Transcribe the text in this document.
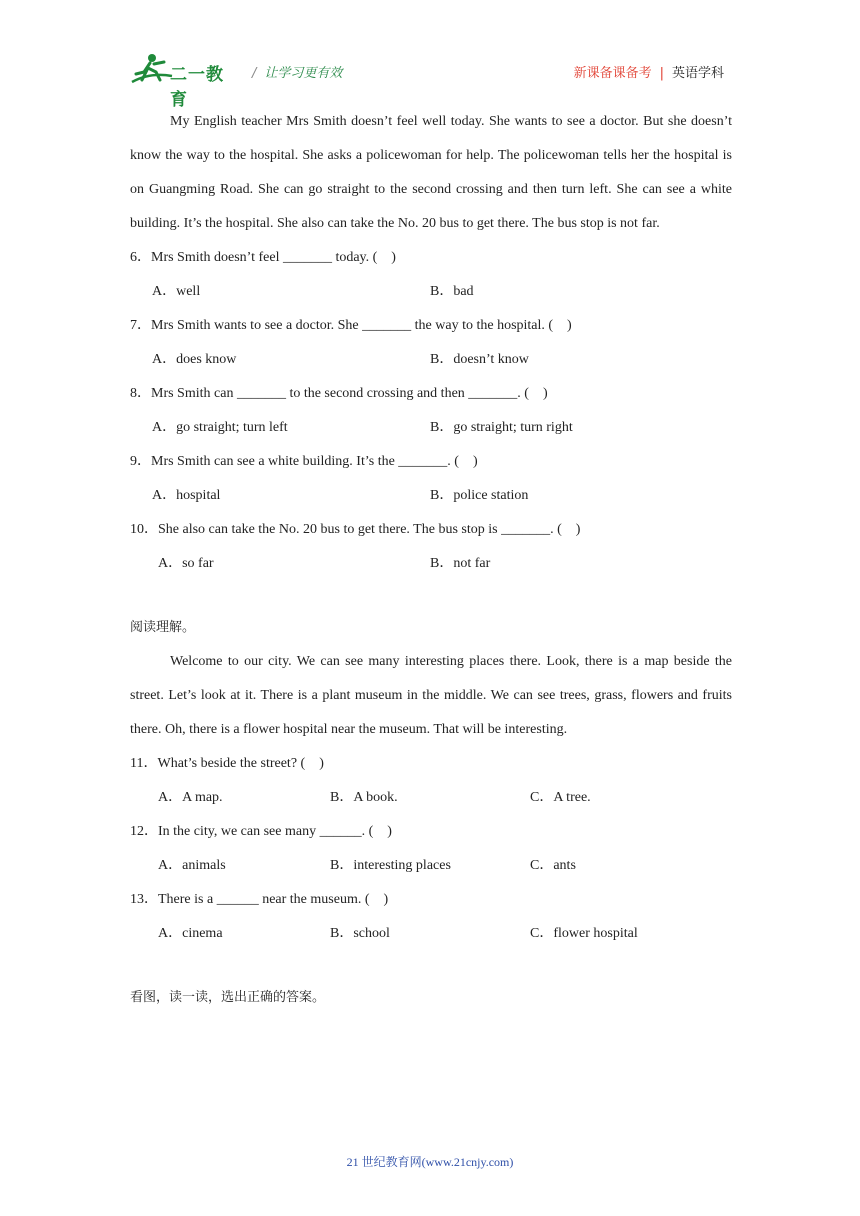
二一教育
/ 让学习更有效	新课备课备考 | 英语学科

My English teacher Mrs Smith doesn’t feel well today. She wants to see a doctor. But she doesn’t know the way to the hospital. She asks a policewoman for help. The policewoman tells her the hospital is on Guangming Road. She can go straight to the second crossing and then turn left. She can see a white building. It’s the hospital. She also can take the No. 20 bus to get there. The bus stop is not far.

6．Mrs Smith doesn’t feel _______ today. (    )

A．well	B．bad

7．Mrs Smith wants to see a doctor. She _______ the way to the hospital. (    )

A．does know	B．doesn’t know

8．Mrs Smith can _______ to the second crossing and then _______. (    )

A．go straight; turn left	B．go straight; turn right

9．Mrs Smith can see a white building. It’s the _______. (    )

A．hospital	B．police station

10．She also can take the No. 20 bus to get there. The bus stop is _______. (    )

A．so far	B．not far

阅读理解。

Welcome to our city. We can see many interesting places there. Look, there is a map beside the street. Let’s look at it. There is a plant museum in the middle. We can see trees, grass, flowers and fruits there. Oh, there is a flower hospital near the museum. That will be interesting.

11．What’s beside the street? (    )

A．A map.	B．A book.	C．A tree.

12．In the city, we can see many ______. (    )

A．animals	B．interesting places	C．ants

13．There is a ______ near the museum. (    )

A．cinema	B．school	C．flower hospital

看图，读一读，选出正确的答案。

21 世纪教育网(www.21cnjy.com)
